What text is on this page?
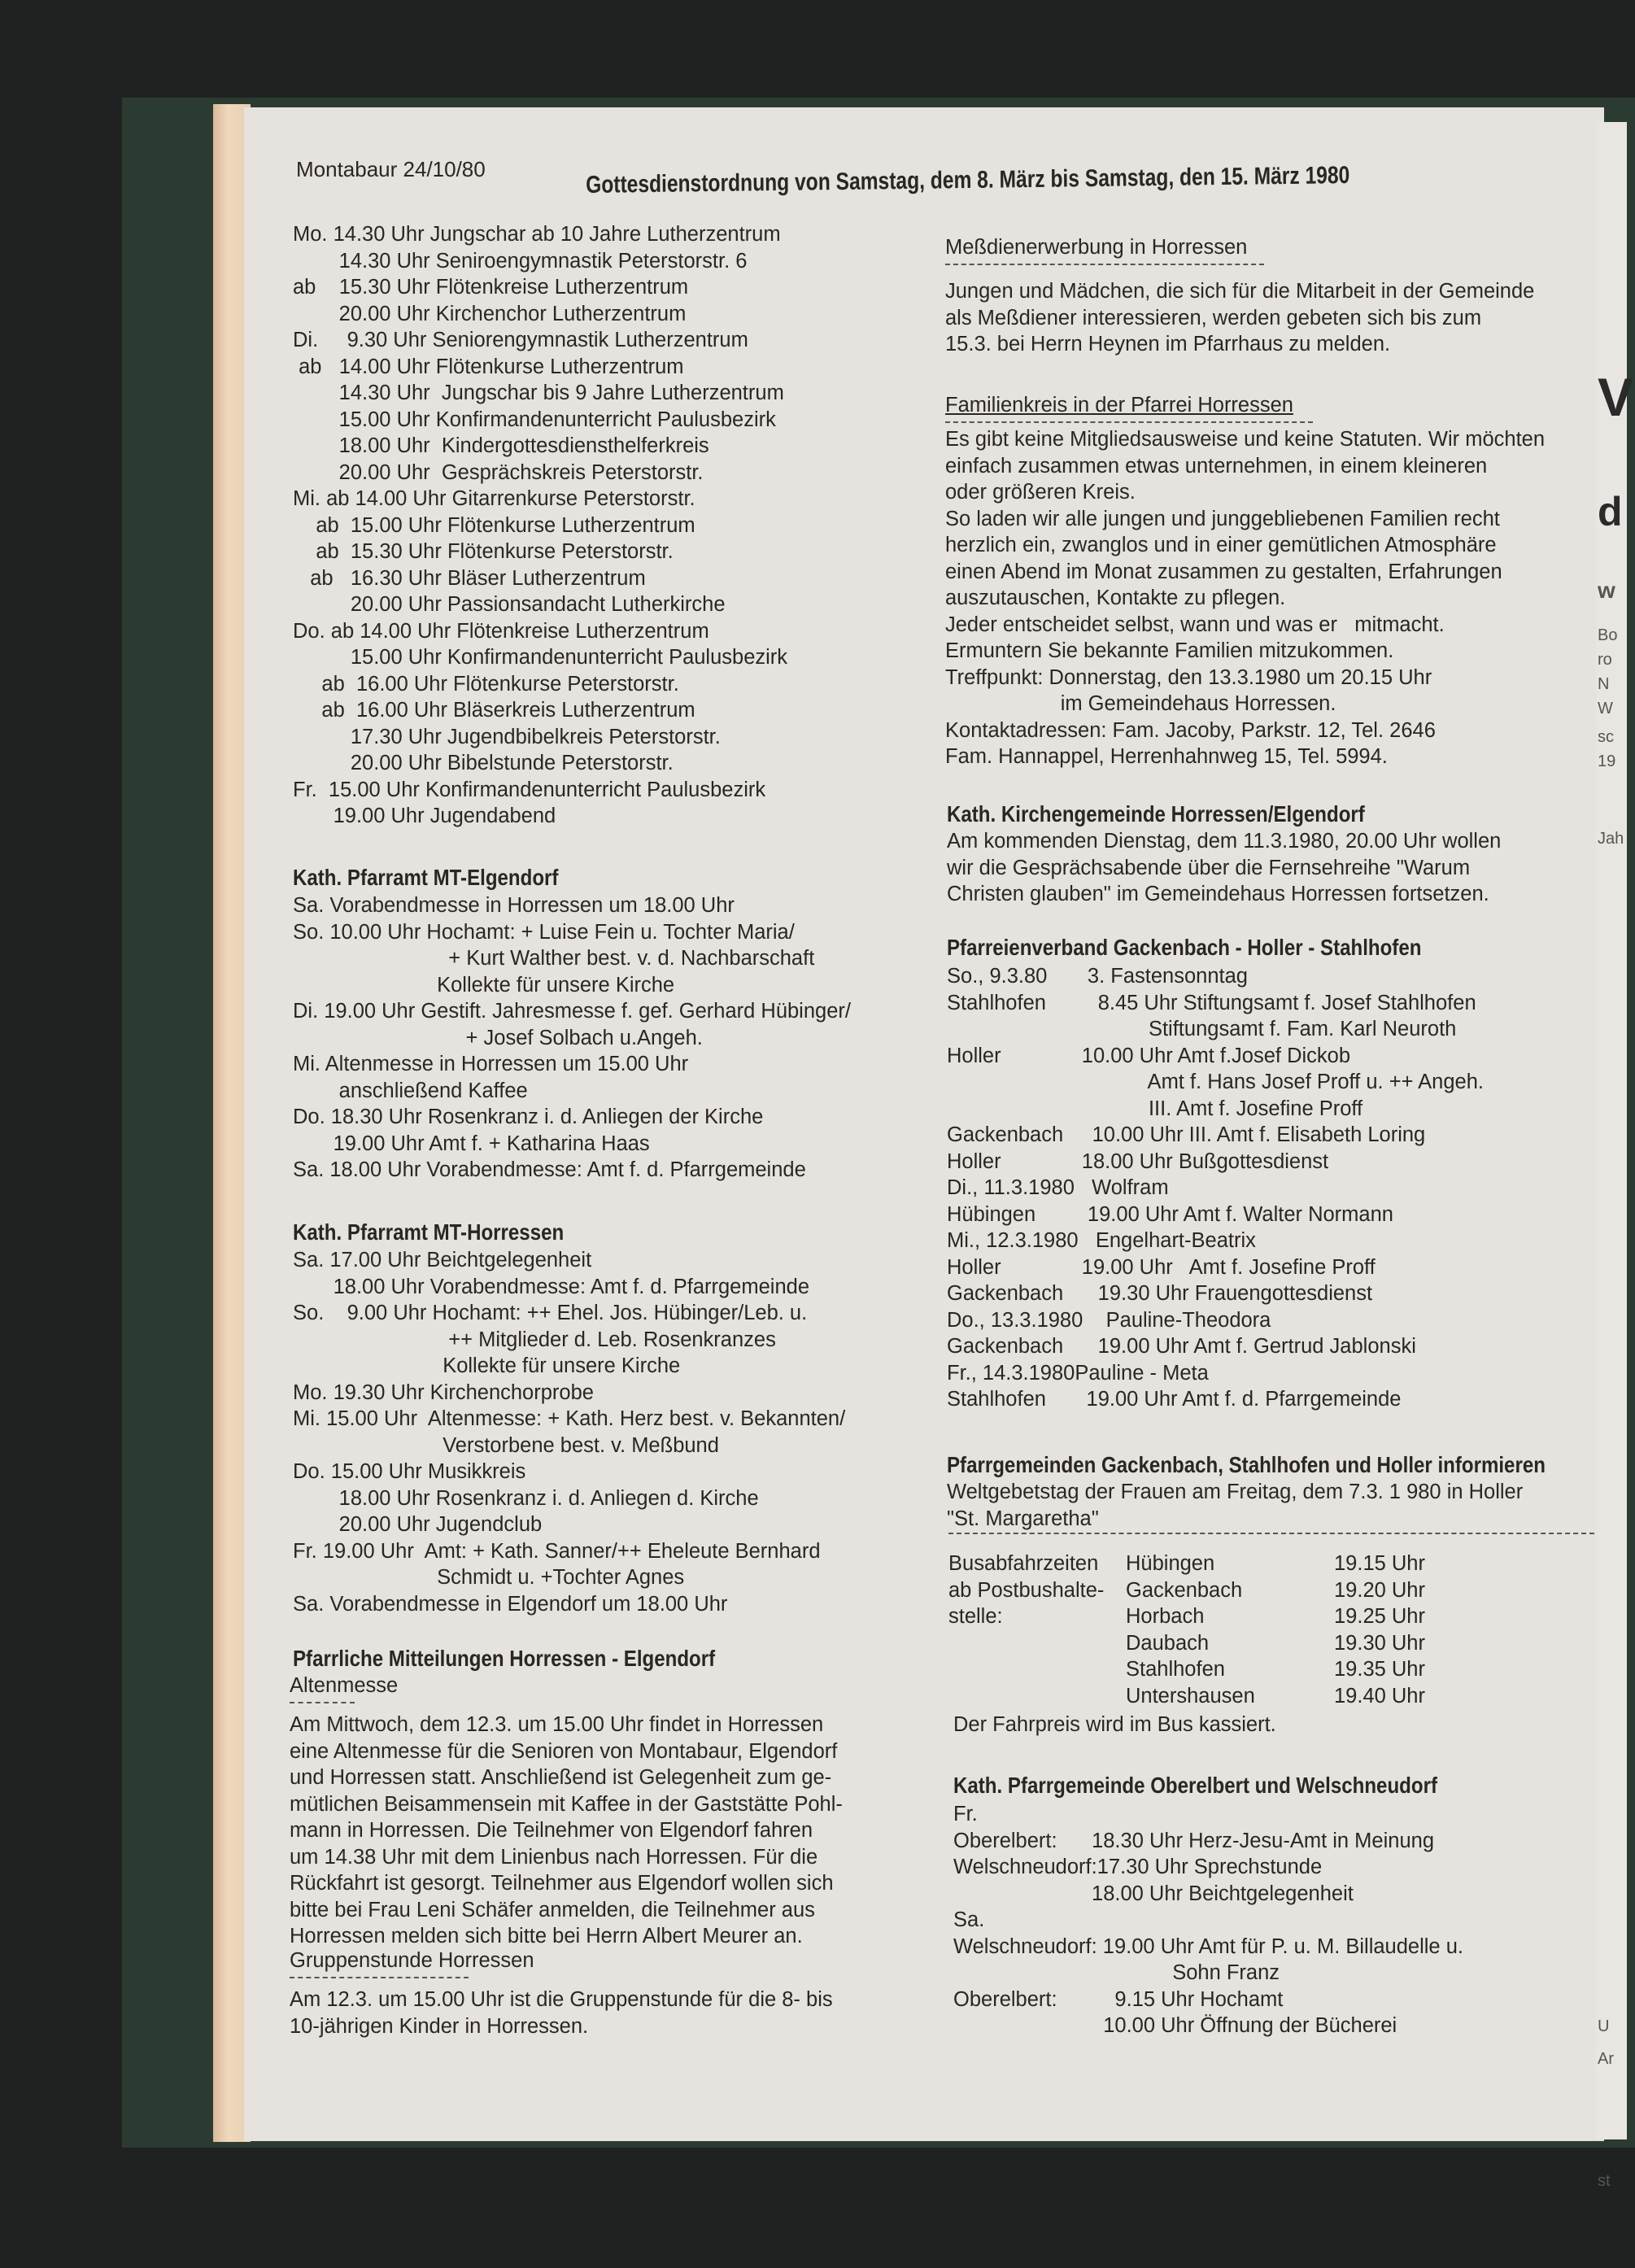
Montabaur 24/10/80	Gottesdienstordnung von Samstag, dem 8. März bis Samstag, den 15. März 1980
Mo. 14.30 Uhr Jungschar ab 10 Jahre Lutherzentrum
14.30 Uhr Seniroengymnastik Peterstorstr. 6
ab    15.30 Uhr Flötenkreise Lutherzentrum
20.00 Uhr Kirchenchor Lutherzentrum
Di.     9.30 Uhr Seniorengymnastik Lutherzentrum
ab   14.00 Uhr Flötenkurse Lutherzentrum
14.30 Uhr  Jungschar bis 9 Jahre Lutherzentrum
15.00 Uhr Konfirmandenunterricht Paulusbezirk
18.00 Uhr  Kindergottesdiensthelferkreis
20.00 Uhr  Gesprächskreis Peterstorstr.
Mi. ab 14.00 Uhr Gitarrenkurse Peterstorstr.
ab  15.00 Uhr Flötenkurse Lutherzentrum
ab  15.30 Uhr Flötenkurse Peterstorstr.
ab   16.30 Uhr Bläser Lutherzentrum
20.00 Uhr Passionsandacht Lutherkirche
Do. ab 14.00 Uhr Flötenkreise Lutherzentrum
15.00 Uhr Konfirmandenunterricht Paulusbezirk
ab  16.00 Uhr Flötenkurse Peterstorstr.
ab  16.00 Uhr Bläserkreis Lutherzentrum
17.30 Uhr Jugendbibelkreis Peterstorstr.
20.00 Uhr Bibelstunde Peterstorstr.
Fr.  15.00 Uhr Konfirmandenunterricht Paulusbezirk
19.00 Uhr Jugendabend
Kath. Pfarramt MT-Elgendorf
Sa. Vorabendmesse in Horressen um 18.00 Uhr
So. 10.00 Uhr Hochamt: + Luise Fein u. Tochter Maria/
+ Kurt Walther best. v. d. Nachbarschaft
Kollekte für unsere Kirche
Di. 19.00 Uhr Gestift. Jahresmesse f. gef. Gerhard Hübinger/
+ Josef Solbach u.Angeh.
Mi. Altenmesse in Horressen um 15.00 Uhr
anschließend Kaffee
Do. 18.30 Uhr Rosenkranz i. d. Anliegen der Kirche
19.00 Uhr Amt f. + Katharina Haas
Sa. 18.00 Uhr Vorabendmesse: Amt f. d. Pfarrgemeinde
Kath. Pfarramt MT-Horressen
Sa. 17.00 Uhr Beichtgelegenheit
18.00 Uhr Vorabendmesse: Amt f. d. Pfarrgemeinde
So.    9.00 Uhr Hochamt: ++ Ehel. Jos. Hübinger/Leb. u.
++ Mitglieder d. Leb. Rosenkranzes
Kollekte für unsere Kirche
Mo. 19.30 Uhr Kirchenchorprobe
Mi. 15.00 Uhr  Altenmesse: + Kath. Herz best. v. Bekannten/
Verstorbene best. v. Meßbund
Do. 15.00 Uhr Musikkreis
18.00 Uhr Rosenkranz i. d. Anliegen d. Kirche
20.00 Uhr Jugendclub
Fr. 19.00 Uhr  Amt: + Kath. Sanner/++ Eheleute Bernhard
Schmidt u. +Tochter Agnes
Sa. Vorabendmesse in Elgendorf um 18.00 Uhr
Pfarrliche Mitteilungen Horressen - Elgendorf
Altenmesse
Am Mittwoch, dem 12.3. um 15.00 Uhr findet in Horressen
eine Altenmesse für die Senioren von Montabaur, Elgendorf
und Horressen statt. Anschließend ist Gelegenheit zum ge-
mütlichen Beisammensein mit Kaffee in der Gaststätte Pohl-
mann in Horressen. Die Teilnehmer von Elgendorf fahren
um 14.38 Uhr mit dem Linienbus nach Horressen. Für die
Rückfahrt ist gesorgt. Teilnehmer aus Elgendorf wollen sich
bitte bei Frau Leni Schäfer anmelden, die Teilnehmer aus
Horressen melden sich bitte bei Herrn Albert Meurer an.
Gruppenstunde Horressen
Am 12.3. um 15.00 Uhr ist die Gruppenstunde für die 8- bis
10-jährigen Kinder in Horressen.
Meßdienerwerbung in Horressen
Jungen und Mädchen, die sich für die Mitarbeit in der Gemeinde
als Meßdiener interessieren, werden gebeten sich bis zum
15.3. bei Herrn Heynen im Pfarrhaus zu melden.
Familienkreis in der Pfarrei Horressen
Es gibt keine Mitgliedsausweise und keine Statuten. Wir möchten
einfach zusammen etwas unternehmen, in einem kleineren
oder größeren Kreis.
So laden wir alle jungen und junggebliebenen Familien recht
herzlich ein, zwanglos und in einer gemütlichen Atmosphäre
einen Abend im Monat zusammen zu gestalten, Erfahrungen
auszutauschen, Kontakte zu pflegen.
Jeder entscheidet selbst, wann und was er   mitmacht.
Ermuntern Sie bekannte Familien mitzukommen.
Treffpunkt: Donnerstag, den 13.3.1980 um 20.15 Uhr
im Gemeindehaus Horressen.
Kontaktadressen: Fam. Jacoby, Parkstr. 12, Tel. 2646
Fam. Hannappel, Herrenhahnweg 15, Tel. 5994.
Kath. Kirchengemeinde Horressen/Elgendorf
Am kommenden Dienstag, dem 11.3.1980, 20.00 Uhr wollen
wir die Gesprächsabende über die Fernsehreihe "Warum
Christen glauben" im Gemeindehaus Horressen fortsetzen.
Pfarreienverband Gackenbach - Holler - Stahlhofen
So., 9.3.80       3. Fastensonntag
Stahlhofen         8.45 Uhr Stiftungsamt f. Josef Stahlhofen
Stiftungsamt f. Fam. Karl Neuroth
Holler              10.00 Uhr Amt f.Josef Dickob
Amt f. Hans Josef Proff u. ++ Angeh.
III. Amt f. Josefine Proff
Gackenbach     10.00 Uhr III. Amt f. Elisabeth Loring
Holler              18.00 Uhr Bußgottesdienst
Di., 11.3.1980   Wolfram
Hübingen         19.00 Uhr Amt f. Walter Normann
Mi., 12.3.1980   Engelhart-Beatrix
Holler              19.00 Uhr   Amt f. Josefine Proff
Gackenbach      19.30 Uhr Frauengottesdienst
Do., 13.3.1980    Pauline-Theodora
Gackenbach      19.00 Uhr Amt f. Gertrud Jablonski
Fr., 14.3.1980Pauline - Meta
Stahlhofen       19.00 Uhr Amt f. d. Pfarrgemeinde
Pfarrgemeinden Gackenbach, Stahlhofen und Holler informieren
Weltgebetstag der Frauen am Freitag, dem 7.3. 1 980 in Holler
"St. Margaretha"
Busabfahrzeiten
ab Postbushalte-
stelle:
Hübingen
Gackenbach
Horbach
Daubach
Stahlhofen
Untershausen
19.15 Uhr
19.20 Uhr
19.25 Uhr
19.30 Uhr
19.35 Uhr
19.40 Uhr
Der Fahrpreis wird im Bus kassiert.
Kath. Pfarrgemeinde Oberelbert und Welschneudorf
Fr.
Oberelbert:      18.30 Uhr Herz-Jesu-Amt in Meinung
Welschneudorf:17.30 Uhr Sprechstunde
18.00 Uhr Beichtgelegenheit
Sa.
Welschneudorf: 19.00 Uhr Amt für P. u. M. Billaudelle u.
Sohn Franz
Oberelbert:          9.15 Uhr Hochamt
10.00 Uhr Öffnung der Bücherei
V
d
w
Bo
ro
N
W
sc
19
Jah
U
Ar
st
